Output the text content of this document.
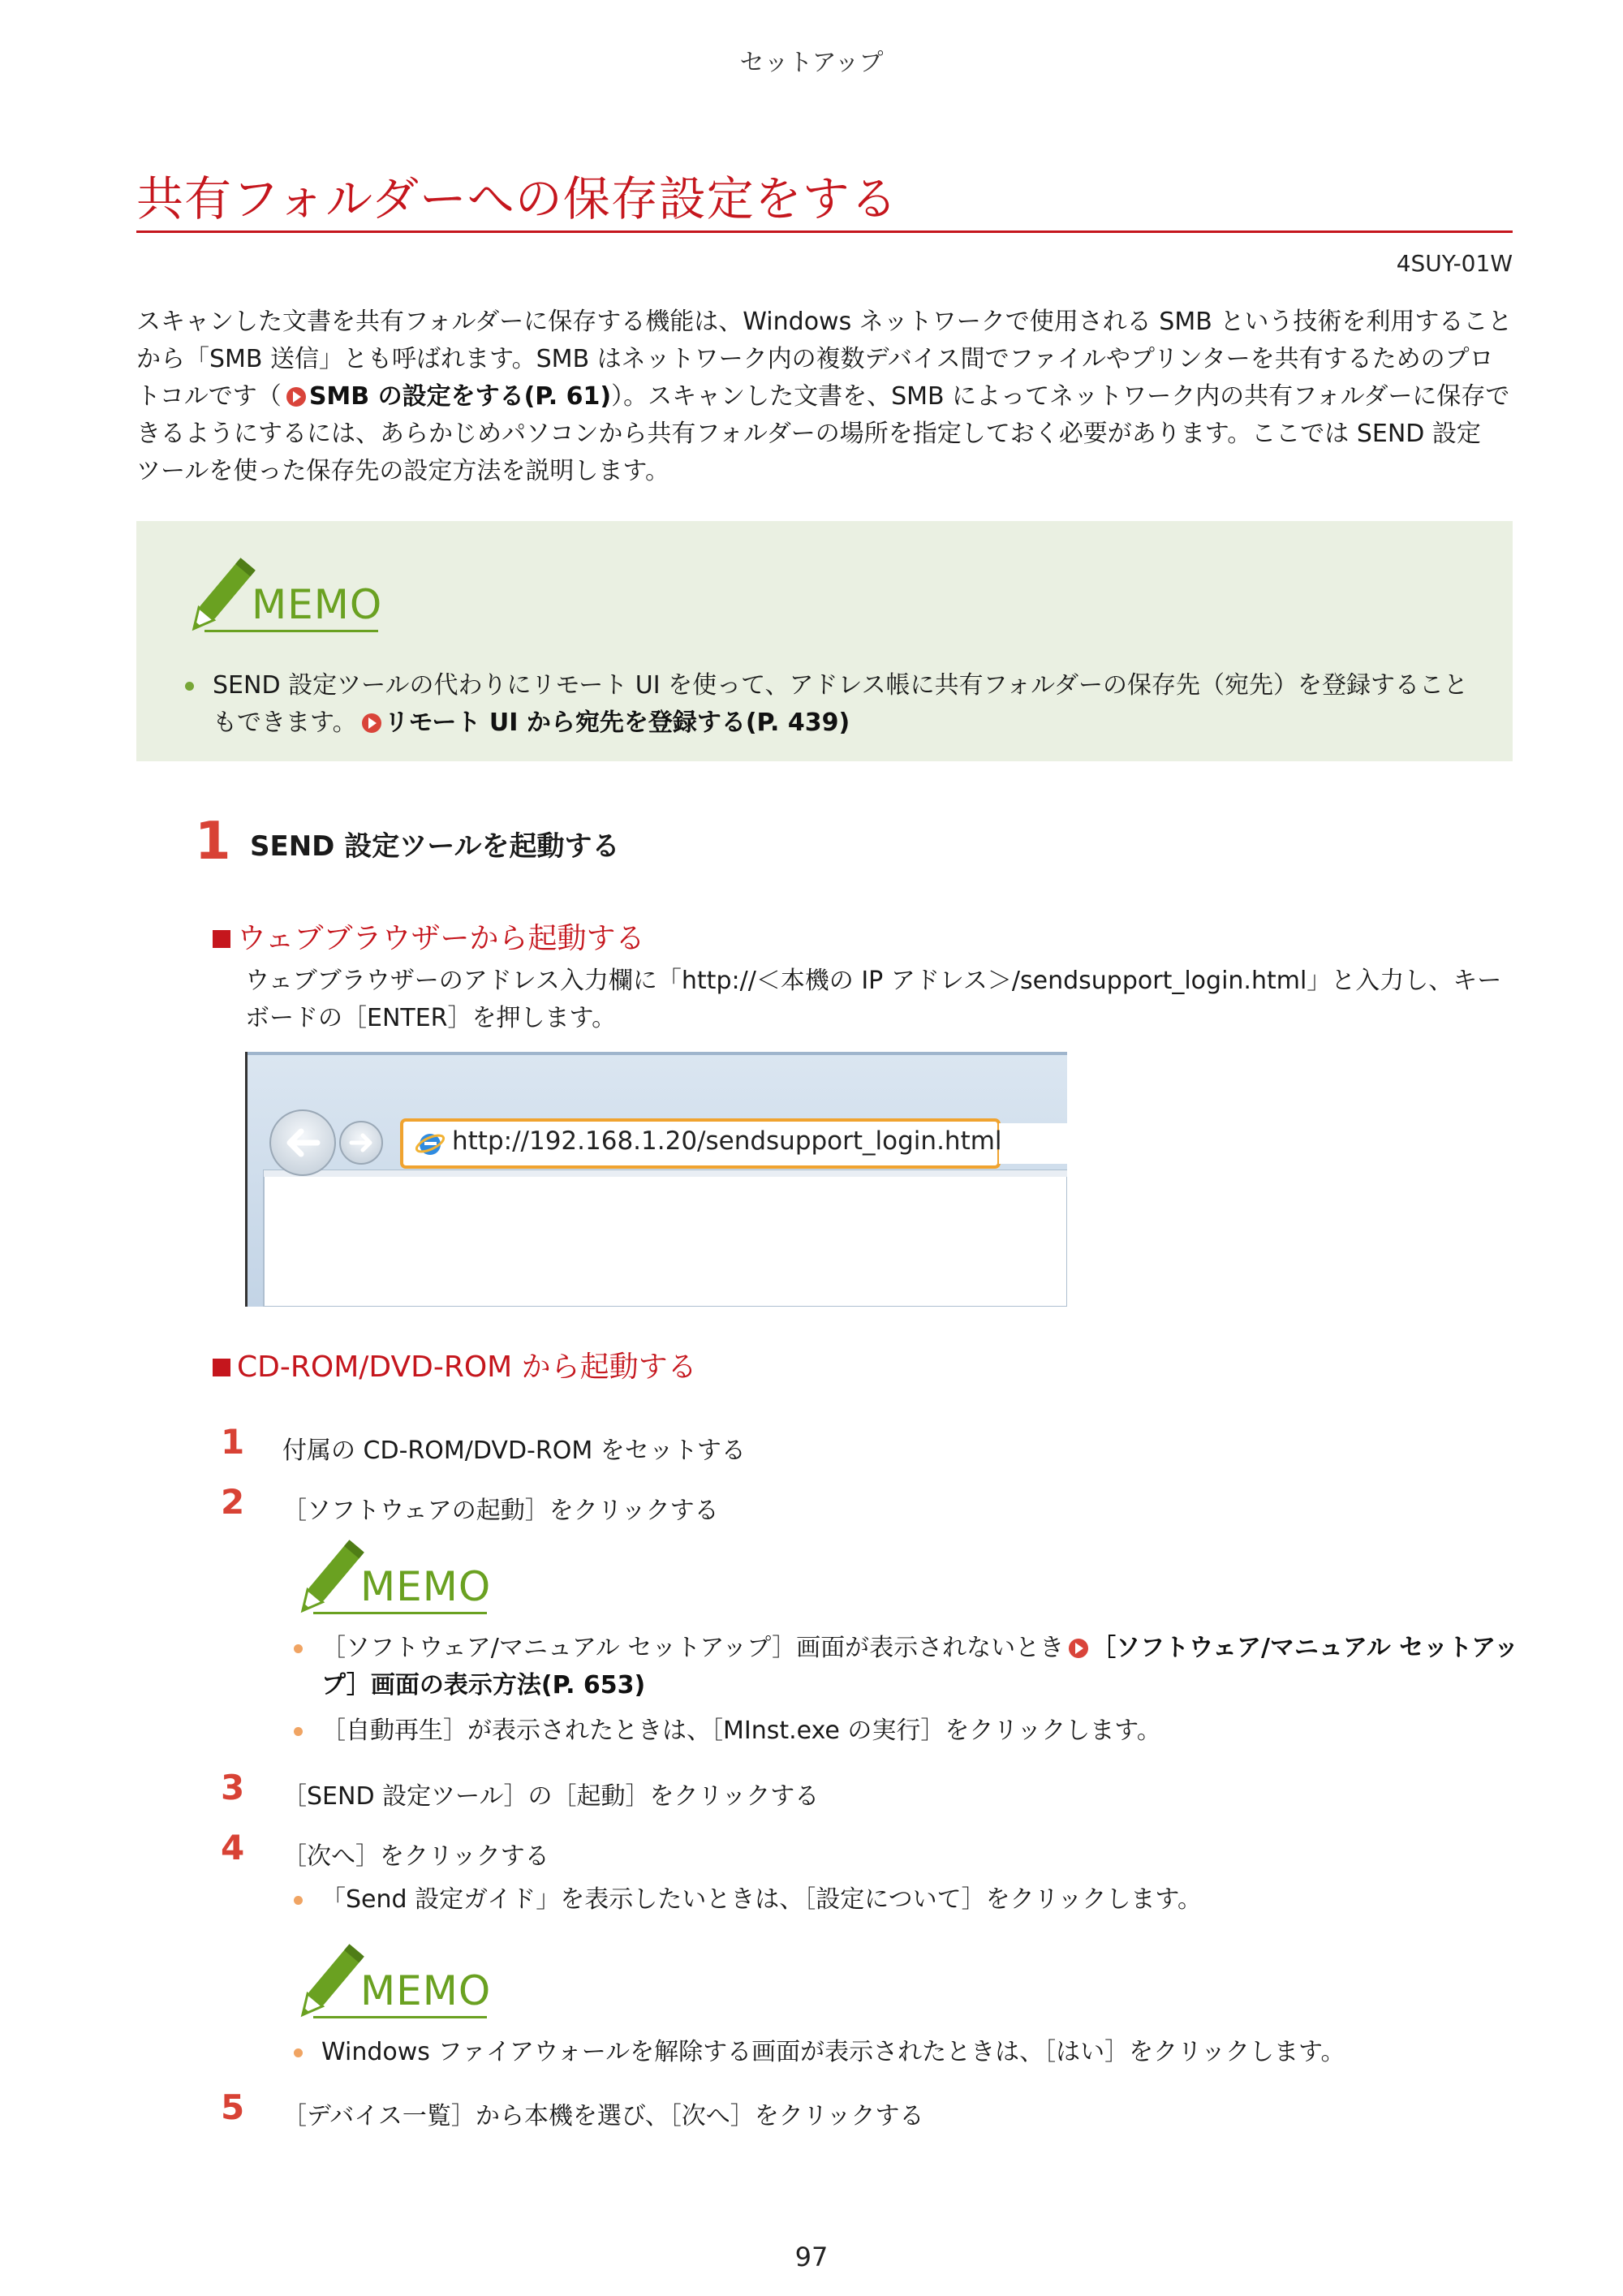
セットアップ
共有フォルダーへの保存設定をする
4SUY-01W

スキャンした文書を共有フォルダーに保存する機能は、Windows ネットワークで使用される SMB という技術を利用すること

から「SMB 送信」とも呼ばれます。SMB はネットワーク内の複数デバイス間でファイルやプリンターを共有するためのプロ

トコルです（ SMB の設定をする(P. 61)）。スキャンした文書を、SMB によってネットワーク内の共有フォルダーに保存で

きるようにするには、あらかじめパソコンから共有フォルダーの場所を指定しておく必要があります。ここでは SEND 設定

ツールを使った保存先の設定方法を説明します。

MEMO
SEND 設定ツールの代わりにリモート UI を使って、アドレス帳に共有フォルダーの保存先（宛先）を登録すること
もできます。 リモート UI から宛先を登録する(P. 439)
1 SEND 設定ツールを起動する
ウェブブラウザーから起動する

ウェブブラウザーのアドレス入力欄に「http://＜本機の IP アドレス＞/sendsupport_login.html」と入力し、キー

ボードの［ENTER］を押します。

http://192.168.1.20/sendsupport_login.html
CD-ROM/DVD-ROM から起動する
1 付属の CD-ROM/DVD-ROM をセットする
2 ［ソフトウェアの起動］をクリックする
MEMO
［ソフトウェア/マニュアル セットアップ］画面が表示されないとき ［ソフトウェア/マニュアル セットアッ
プ］画面の表示方法(P. 653)
［自動再生］が表示されたときは、［MInst.exe の実行］をクリックします。
3 ［SEND 設定ツール］の［起動］をクリックする
4 ［次へ］をクリックする
「Send 設定ガイド」を表示したいときは、［設定について］をクリックします。
MEMO
Windows ファイアウォールを解除する画面が表示されたときは、［はい］をクリックします。
5 ［デバイス一覧］から本機を選び、［次へ］をクリックする
97
